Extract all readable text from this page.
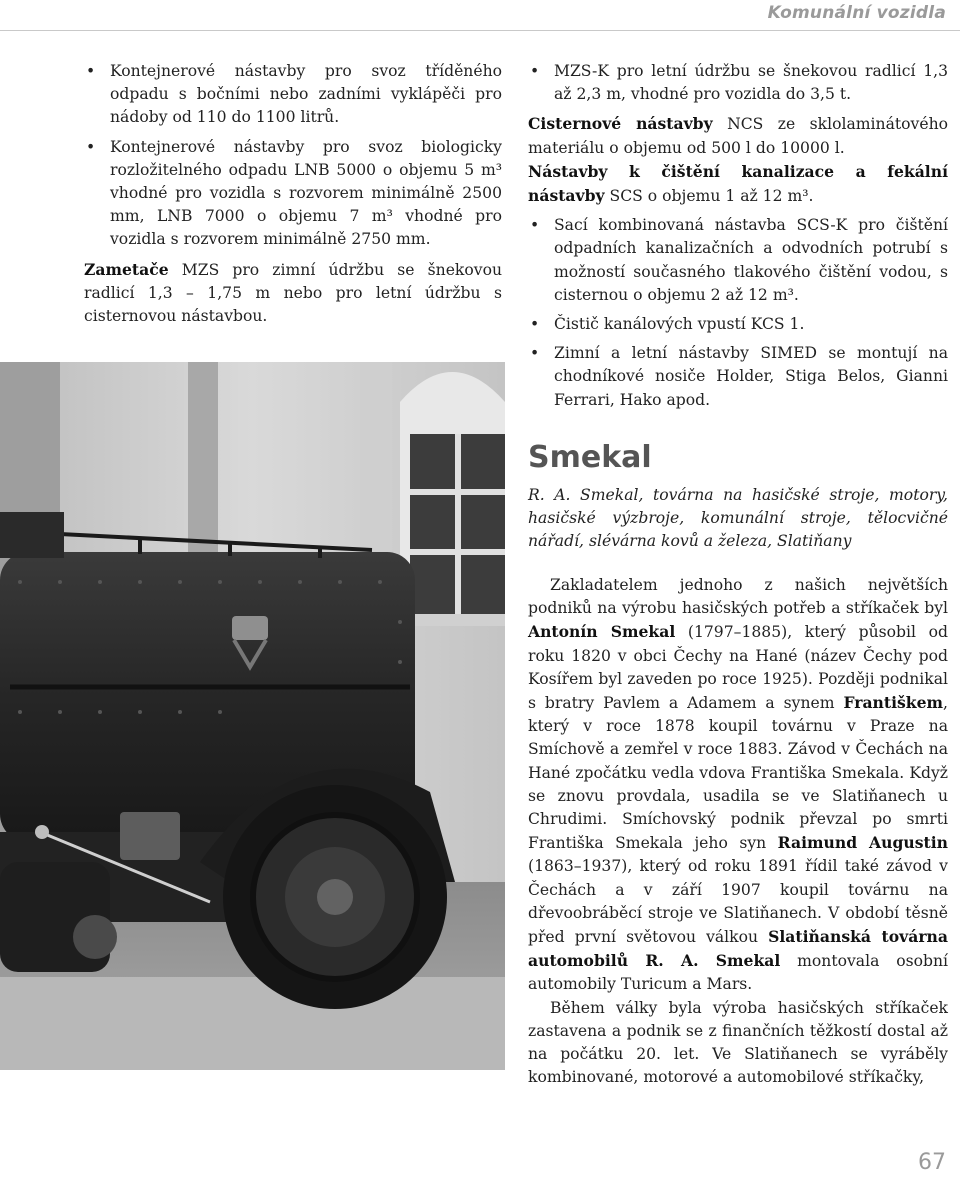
Komunální vozidla
• Kontejnerové nástavby pro svoz tříděného odpadu s bočními nebo zadními vyklápěči pro nádoby od 110 do 1100 litrů.
• Kontejnerové nástavby pro svoz biologicky rozložitelného odpadu LNB 5000 o objemu 5 m³ vhodné pro vozidla s rozvorem minimálně 2500 mm, LNB 7000 o objemu 7 m³ vhodné pro vozidla s rozvorem minimálně 2750 mm.

Zametače MZS pro zimní údržbu se šnekovou radlicí 1,3 – 1,75 m nebo pro letní údržbu s cisternovou nástavbou.

• MZS-K pro letní údržbu se šnekovou radlicí 1,3 až 2,3 m, vhodné pro vozidla do 3,5 t.

Cisternové nástavby NCS ze sklolaminátového materiálu o objemu od 500 l do 10000 l.

Nástavby k čištění kanalizace a fekální nástavby SCS o objemu 1 až 12 m³.

• Sací kombinovaná nástavba SCS-K pro čištění odpadních kanalizačních a odvodních potrubí s možností současného tlakového čištění vodou, s cisternou o objemu 2 až 12 m³.
• Čistič kanálových vpustí KCS 1.
• Zimní a letní nástavby SIMED se montují na chodníkové nosiče Holder, Stiga Belos, Gianni Ferrari, Hako apod.
Smekal
R. A. Smekal, továrna na hasičské stroje, motory, hasičské výzbroje, komunální stroje, tělocvičné nářadí, slévárna kovů a železa, Slatiňany

Zakladatelem jednoho z našich největších podniků na výrobu hasičských potřeb a stříkaček byl Antonín Smekal (1797–1885), který působil od roku 1820 v obci Čechy na Hané (název Čechy pod Kosířem byl zaveden po roce 1925). Později podnikal s bratry Pavlem a Adamem a synem Františkem, který v roce 1878 koupil továrnu v Praze na Smíchově a zemřel v roce 1883. Závod v Čechách na Hané zpočátku vedla vdova Františka Smekala. Když se znovu provdala, usadila se ve Slatiňanech u Chrudimi. Smíchovský podnik převzal po smrti Františka Smekala jeho syn Raimund Augustin (1863–1937), který od roku 1891 řídil také závod v Čechách a v září 1907 koupil továrnu na dřevoobráběcí stroje ve Slatiňanech. V období těsně před první světovou válkou Slatiňanská továrna automobilů R. A. Smekal montovala osobní automobily Turicum a Mars.

Během války byla výroba hasičských stříkaček zastavena a podnik se z finančních těžkostí dostal až na počátku 20. let. Ve Slatiňanech se vyráběly kombinované, motorové a automobilové stříkačky,

67
